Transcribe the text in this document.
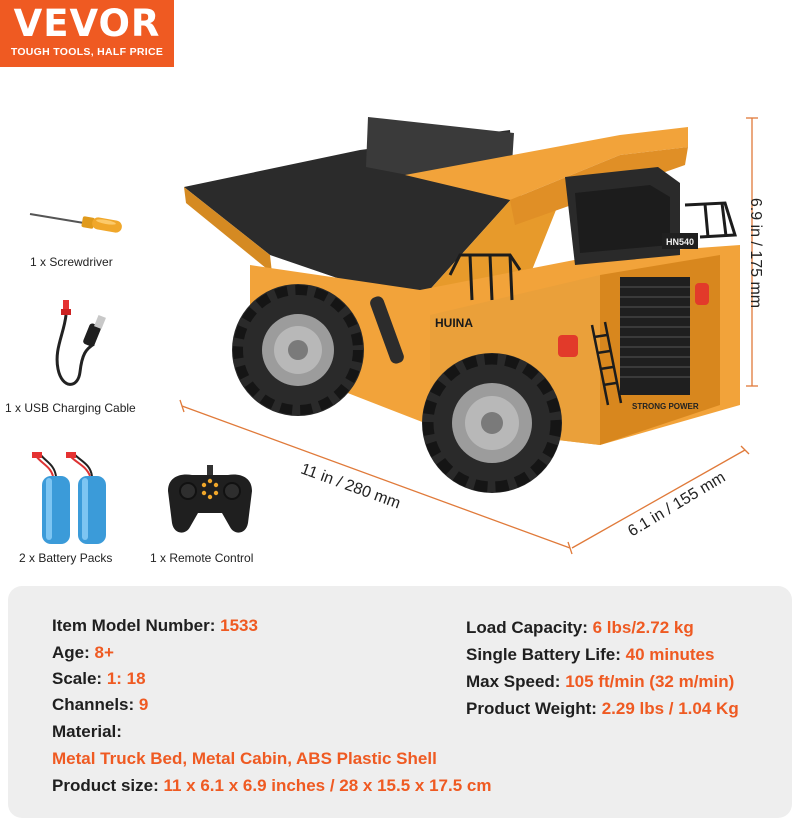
VEVOR
TOUGH TOOLS, HALF PRICE
1 x Screwdriver
1 x USB Charging Cable
2 x Battery Packs	1 x Remote Control
HN540
STRONG POWER
HUINA
6.9 in / 175 mm
11 in / 280 mm	6.1 in / 155 mm
Item Model Number: 1533
Age: 8+
Scale: 1: 18
Channels: 9
Material:
Metal Truck Bed, Metal Cabin, ABS Plastic Shell
Product size: 11 x 6.1 x 6.9 inches / 28 x 15.5 x 17.5 cm
Load Capacity: 6 lbs/2.72 kg
Single Battery Life: 40 minutes
Max Speed: 105 ft/min (32 m/min)
Product Weight: 2.29 lbs / 1.04 Kg
